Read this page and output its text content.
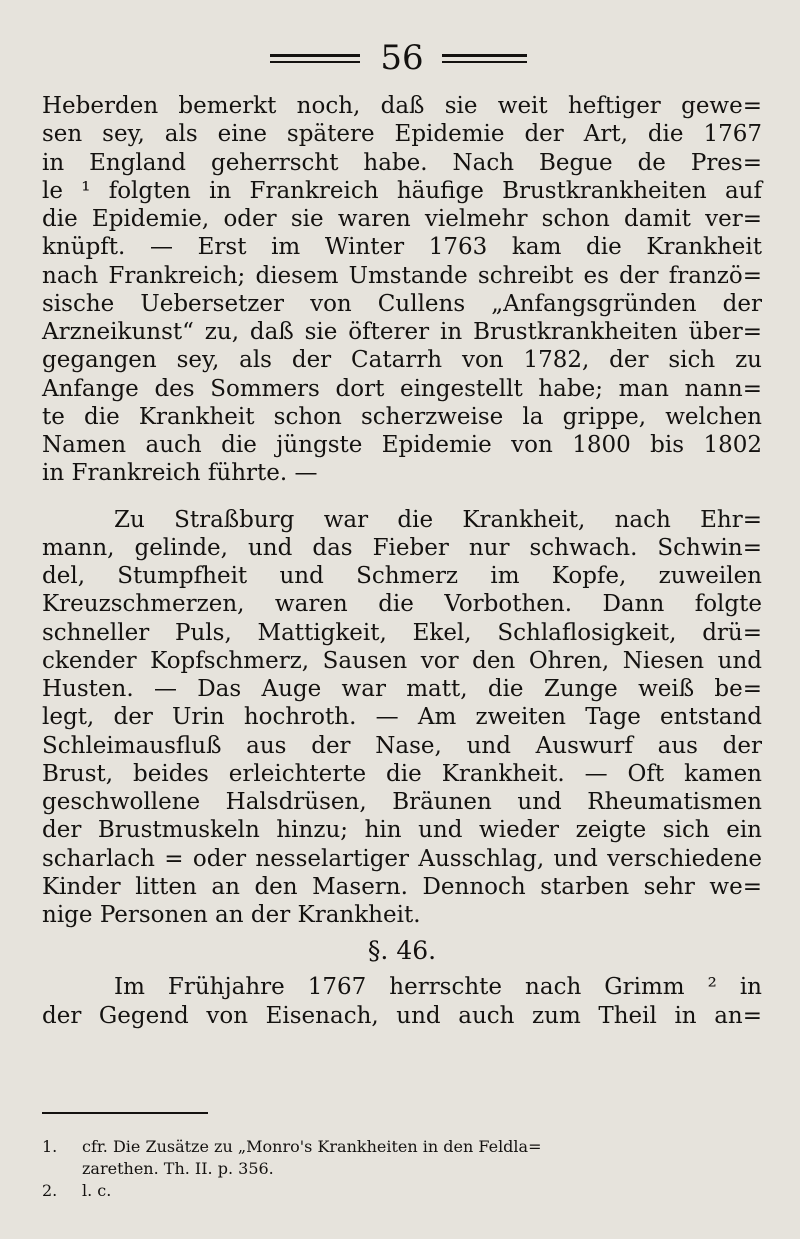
56
Heberden bemerkt noch, daß sie weit heftiger gewe=
sen sey, als eine spätere Epidemie der Art, die 1767
in England geherrscht habe. Nach Begue de Pres=
le ¹ folgten in Frankreich häufige Brustkrankheiten auf
die Epidemie, oder sie waren vielmehr schon damit ver=
knüpft. — Erst im Winter 1763 kam die Krankheit
nach Frankreich; diesem Umstande schreibt es der franzö=
sische Uebersetzer von Cullens „Anfangsgründen der
Arzneikunst“ zu, daß sie öfterer in Brustkrankheiten über=
gegangen sey, als der Catarrh von 1782, der sich zu
Anfange des Sommers dort eingestellt habe; man nann=
te die Krankheit schon scherzweise la grippe, welchen
Namen auch die jüngste Epidemie von 1800 bis 1802
in Frankreich führte. —
Zu Straßburg war die Krankheit, nach Ehr=
mann, gelinde, und das Fieber nur schwach. Schwin=
del, Stumpfheit und Schmerz im Kopfe, zuweilen
Kreuzschmerzen, waren die Vorbothen. Dann folgte
schneller Puls, Mattigkeit, Ekel, Schlaflosigkeit, drü=
ckender Kopfschmerz, Sausen vor den Ohren, Niesen und
Husten. — Das Auge war matt, die Zunge weiß be=
legt, der Urin hochroth. — Am zweiten Tage entstand
Schleimausfluß aus der Nase, und Auswurf aus der
Brust, beides erleichterte die Krankheit. — Oft kamen
geschwollene Halsdrüsen, Bräunen und Rheumatismen
der Brustmuskeln hinzu; hin und wieder zeigte sich ein
scharlach = oder nesselartiger Ausschlag, und verschiedene
Kinder litten an den Masern. Dennoch starben sehr we=
nige Personen an der Krankheit.
§. 46.
Im Frühjahre 1767 herrschte nach Grimm ² in
der Gegend von Eisenach, und auch zum Theil in an=
1. cfr. Die Zusätze zu „Monro's Krankheiten in den Feldla=
zarethen. Th. II. p. 356.
2. l. c.
